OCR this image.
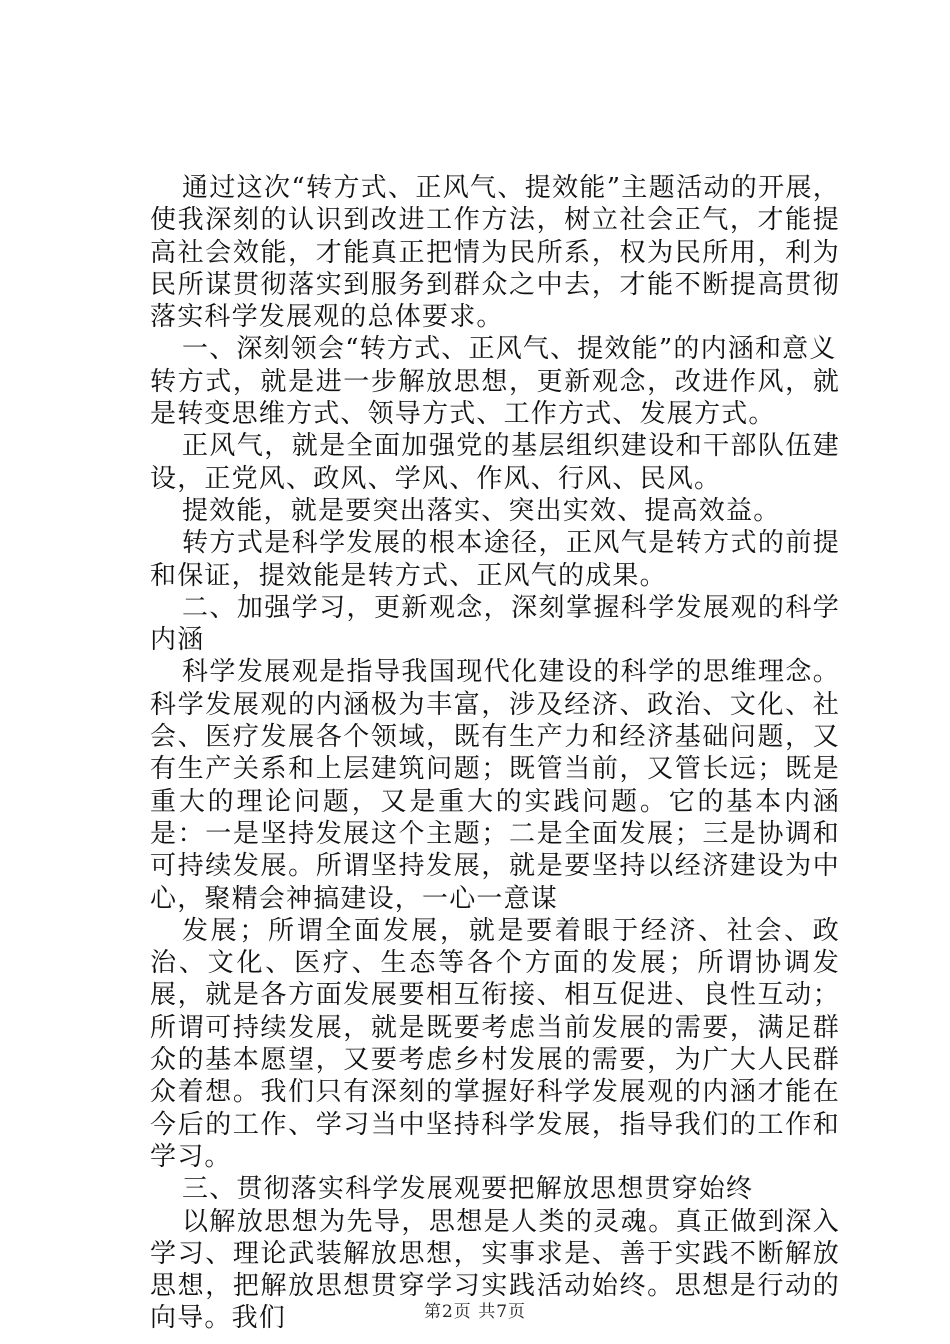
通过这次“转方式、正风气、提效能”主题活动的开展，使我深刻的认识到改进工作方法，树立社会正气，才能提高社会效能，才能真正把情为民所系，权为民所用，利为民所谋贯彻落实到服务到群众之中去，才能不断提高贯彻落实科学发展观的总体要求。

一、深刻领会“转方式、正风气、提效能”的内涵和意义

转方式，就是进一步解放思想，更新观念，改进作风，就是转变思维方式、领导方式、工作方式、发展方式。

正风气，就是全面加强党的基层组织建设和干部队伍建设，正党风、政风、学风、作风、行风、民风。

提效能，就是要突出落实、突出实效、提高效益。

转方式是科学发展的根本途径，正风气是转方式的前提和保证，提效能是转方式、正风气的成果。

二、加强学习，更新观念，深刻掌握科学发展观的科学内涵

科学发展观是指导我国现代化建设的科学的思维理念。科学发展观的内涵极为丰富，涉及经济、政治、文化、社会、医疗发展各个领域，既有生产力和经济基础问题，又有生产关系和上层建筑问题；既管当前，又管长远；既是重大的理论问题，又是重大的实践问题。它的基本内涵是：一是坚持发展这个主题；二是全面发展；三是协调和可持续发展。所谓坚持发展，就是要坚持以经济建设为中心，聚精会神搞建设，一心一意谋

发展；所谓全面发展，就是要着眼于经济、社会、政治、文化、医疗、生态等各个方面的发展；所谓协调发展，就是各方面发展要相互衔接、相互促进、良性互动；所谓可持续发展，就是既要考虑当前发展的需要，满足群众的基本愿望，又要考虑乡村发展的需要，为广大人民群众着想。我们只有深刻的掌握好科学发展观的内涵才能在今后的工作、学习当中坚持科学发展，指导我们的工作和学习。

三、贯彻落实科学发展观要把解放思想贯穿始终

以解放思想为先导，思想是人类的灵魂。真正做到深入学习、理论武装解放思想，实事求是、善于实践不断解放思想，把解放思想贯穿学习实践活动始终。思想是行动的向导。我们	第2页 共7页
